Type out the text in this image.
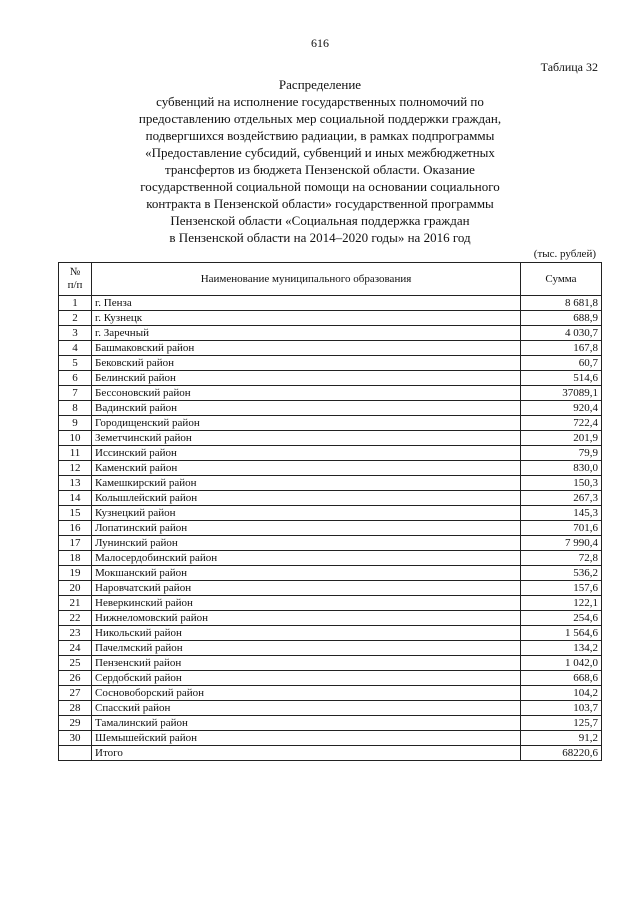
616
Таблица 32
Распределение
субвенций на исполнение государственных полномочий по
предоставлению отдельных мер социальной поддержки граждан,
подвергшихся воздействию радиации, в рамках подпрограммы
«Предоставление субсидий, субвенций и иных межбюджетных
трансфертов из бюджета Пензенской области. Оказание
государственной социальной помощи на основании социального
контракта в Пензенской области» государственной программы
Пензенской области «Социальная поддержка граждан
в Пензенской области на 2014–2020 годы» на 2016 год
(тыс. рублей)
№
п/п	Наименование муниципального образования	Сумма
1	г. Пенза	8 681,8
2	г. Кузнецк	688,9
3	г. Заречный	4 030,7
4	Башмаковский район	167,8
5	Бековский район	60,7
6	Белинский район	514,6
7	Бессоновский район	37089,1
8	Вадинский район	920,4
9	Городищенский район	722,4
10	Земетчинский район	201,9
11	Иссинский район	79,9
12	Каменский район	830,0
13	Камешкирский район	150,3
14	Колышлейский район	267,3
15	Кузнецкий район	145,3
16	Лопатинский район	701,6
17	Лунинский район	7 990,4
18	Малосердобинский район	72,8
19	Мокшанский район	536,2
20	Наровчатский район	157,6
21	Неверкинский район	122,1
22	Нижнеломовский район	254,6
23	Никольский район	1 564,6
24	Пачелмский район	134,2
25	Пензенский район	1 042,0
26	Сердобский район	668,6
27	Сосновоборский район	104,2
28	Спасский район	103,7
29	Тамалинский район	125,7
30	Шемышейский район	91,2
	Итого	68220,6
